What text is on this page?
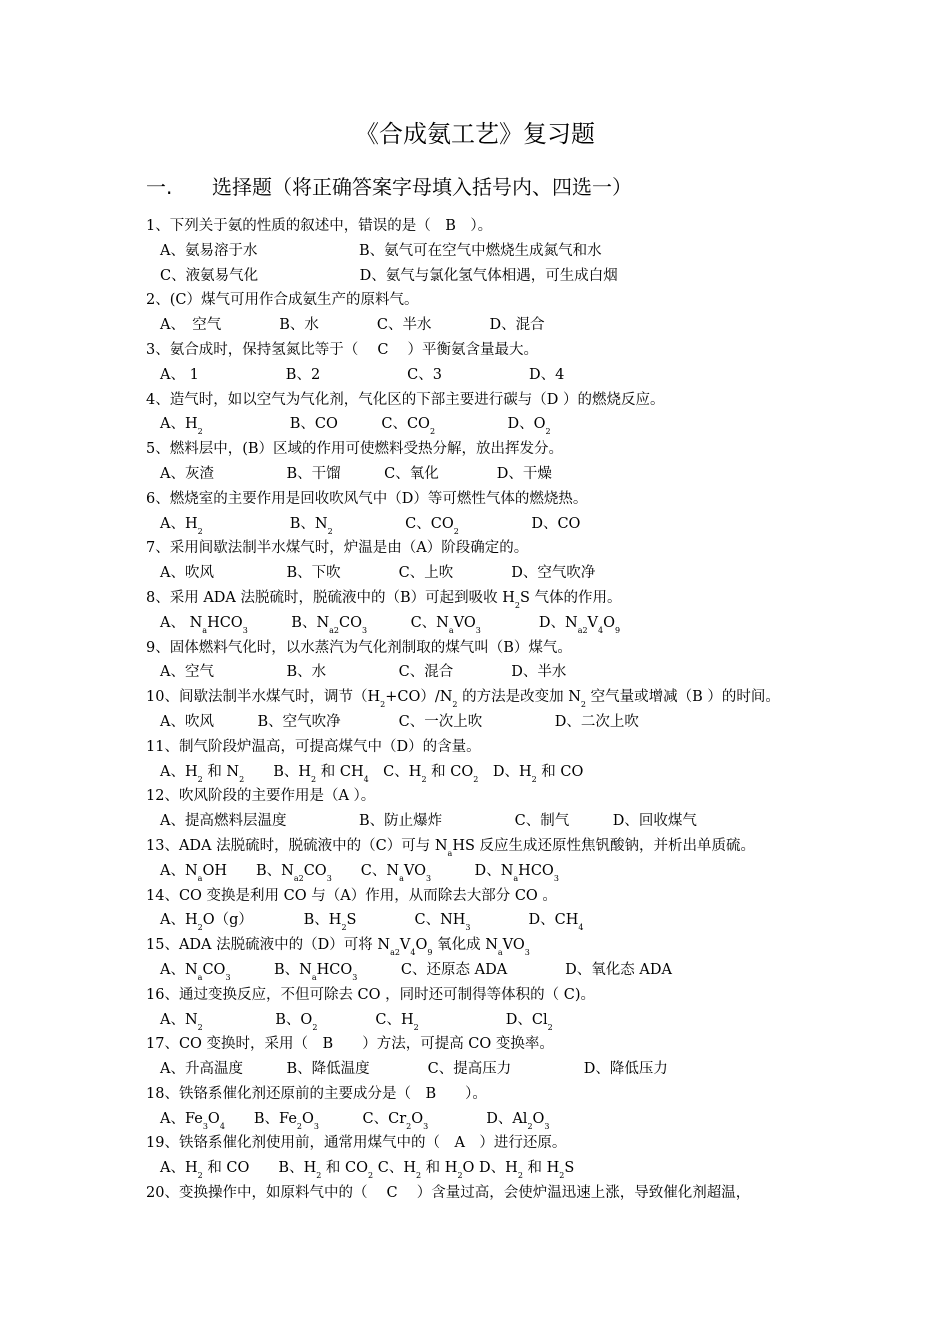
《合成氨工艺》复习题
一. 选择题（将正确答案字母填入括号内、四选一）
1、下列关于氨的性质的叙述中，错误的是（　B　）。
A、氨易溶于水　　　　　　　B、氨气可在空气中燃烧生成氮气和水
C、液氨易气化　　　　　　　D、氨气与氯化氢气体相遇，可生成白烟
2、(C）煤气可用作合成氨生产的原料气。
A、　空气　　　　B、水　　　　C、半水　　　　D、混合
3、氨合成时，保持氢氮比等于（　 C　 ）平衡氨含量最大。
A、 1　　　　　　B、2　　　　　　C、3　　　　　　D、4
4、造气时，如以空气为气化剂，气化区的下部主要进行碳与（D ）的燃烧反应。
A、$H_2$　　　　　　B、CO　　　C、$CO_2$　　　　　D、$O_2$
5、燃料层中，(B）区域的作用可使燃料受热分解，放出挥发分。
A、灰渣　　　　　B、干馏　　　C、氧化　　　　D、干燥
6、燃烧室的主要作用是回收吹风气中（D）等可燃性气体的燃烧热。
A、$H_2$　　　　　　B、$N_2$　　　　　C、$CO_2$　　　　　D、CO
7、采用间歇法制半水煤气时，炉温是由（A）阶段确定的。
A、吹风　　　　　B、下吹　　　　C、上吹　　　　D、空气吹净
8、采用 ADA 法脱硫时，脱硫液中的（B）可起到吸收 $H_2S$ 气体的作用。
A、 $N_aHCO_3$　　　B、$N_{a2}CO_3$　　　C、$N_aVO_3$　　　　D、$N_{a2}V_4O_9$
9、固体燃料气化时，以水蒸汽为气化剂制取的煤气叫（B）煤气。
A、空气　　　　　B、水　　　　　C、混合　　　　D、半水
10、间歇法制半水煤气时，调节$(H_2+CO)/N_2$ 的方法是改变加 $N_2$ 空气量或增减（B ）的时间。
A、吹风　　　B、空气吹净　　　　C、一次上吹　　　　　D、二次上吹
11、制气阶段炉温高，可提高煤气中（D）的含量。
A、$H_2$ 和 $N_2$　　B、$H_2$ 和 $CH_4$　C、$H_2$ 和 $CO_2$　D、$H_2$ 和 CO
12、吹风阶段的主要作用是（A ）。
A、提高燃料层温度　　　　　B、防止爆炸　　　　　C、制气　　　D、回收煤气
13、ADA 法脱硫时，脱硫液中的（C）可与 $N_aHS$ 反应生成还原性焦钒酸钠，并析出单质硫。
A、$N_aOH$　　B、$N_{a2}CO_3$　　C、$N_aVO_3$　　　D、$N_aHCO_3$
14、CO 变换是利用 CO 与（A）作用，从而除去大部分 CO 。
A、$H_2O(g)$　　　　B、$H_2S$　　　　C、$NH_3$　　　　D、$CH_4$
15、ADA 法脱硫液中的（D）可将 $N_{a2}V_4O_9$ 氧化成 $N_aVO_3$
A、$N_aCO_3$　　　B、$N_aHCO_3$　　　C、还原态 ADA　　　　D、氧化态 ADA
16、通过变换反应，不但可除去 CO ，同时还可制得等体积的（ C)。
A、$N_2$　　　　　B、$O_2$　　　　C、$H_2$　　　　　　D、$Cl_2$
17、CO 变换时，采用（　B　　）方法，可提高 CO 变换率。
A、升高温度　　　B、降低温度　　　　C、提高压力　　　　　D、降低压力
18、铁铬系催化剂还原前的主要成分是（　B　　）。
A、$Fe_3O_4$　　B、$Fe_2O_3$　　　C、$Cr_2O_3$　　　　D、$Al_2O_3$
19、铁铬系催化剂使用前，通常用煤气中的（　A　）进行还原。
A、$H_2$ 和 CO　　B、$H_2$ 和 $CO_2$ C、$H_2$ 和 $H_2O$ D、$H_2$ 和 $H_2S$
20、变换操作中，如原料气中的（　 C　 ）含量过高，会使炉温迅速上涨，导致催化剂超温，
